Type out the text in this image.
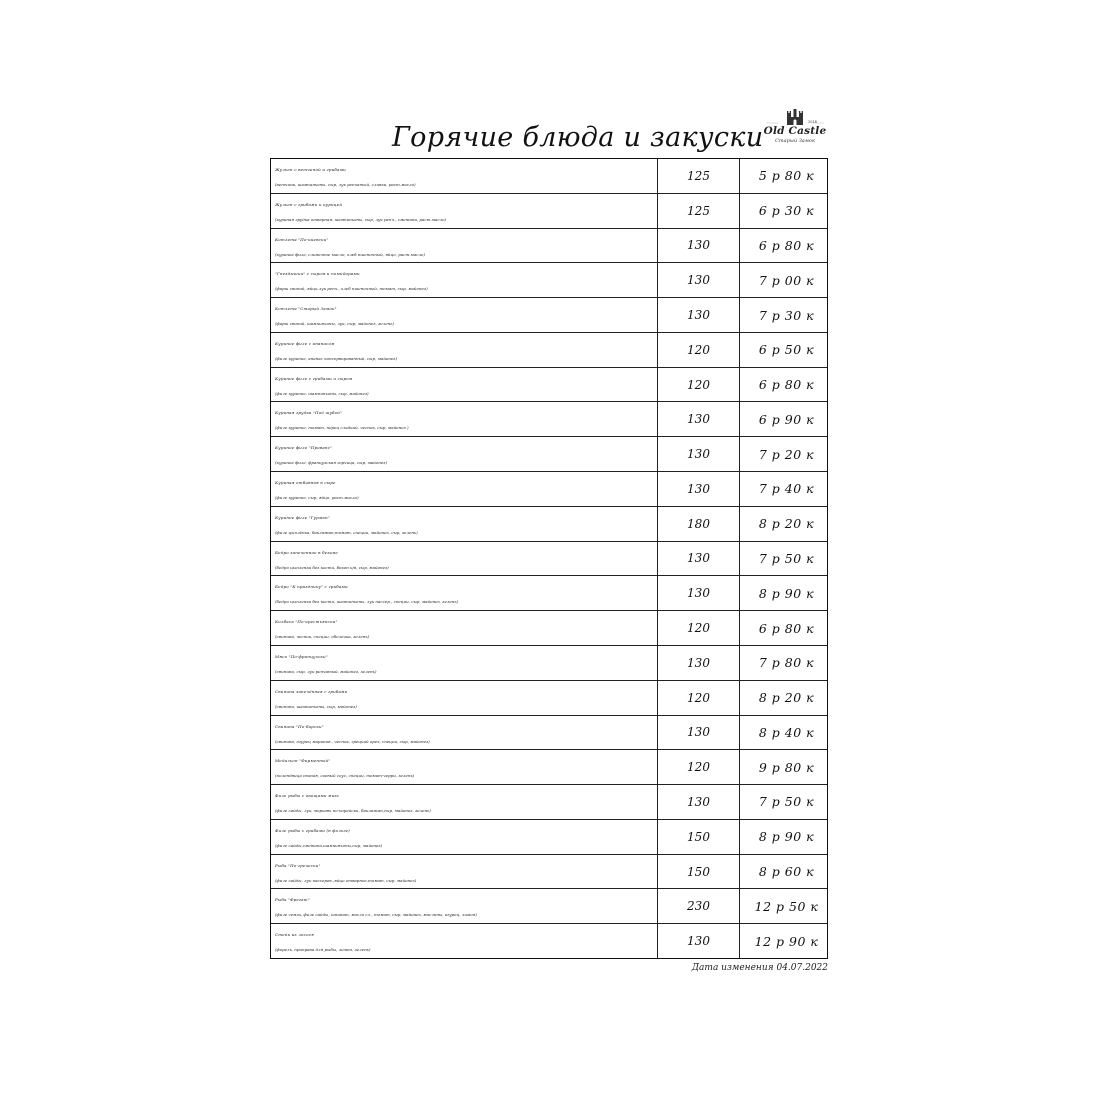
Горячие блюда и закуски	2018
Old Castle
Старый Замок
Жульен с ветчиной и грибами
(ветчина, шампиньоны, сыр, лук репчатый, сливки, раст.масло)
125	5 р 80 к
Жульен с грибами и курицей
(куриная грудка отварная, шампиньоны, сыр, лук репч., сметана, раст.масло)
125	6 р 30 к
Котлета "По-киевски"
(куриное филе, сливочное масло, хлеб пшеничный, яйцо, раст.масло)
130	6 р 80 к
"Гнездышки" с сыром и помидорами
(фарш свиной, яйцо,лук репч., хлеб пшеничный, томат, сыр, майонез)
130	7 р 00 к
Котлета "Старый Замок"
(фарш свиной, шампиньоны, лук, сыр, майонез, зелень)
130	7 р 30 к
Куриное филе с ананасом
(филе куриное, ананас консервированный, сыр, майонез)
120	6 р 50 к
Куриное филе с грибами и сыром
(филе куриное, шампиньоны, сыр, майонез)
120	6 р 80 к
Куриная грудка "Под шубой"
(филе куриное, томат, перец сладкий, чеснок, сыр, майонез )
130	6 р 90 к
Куриное филе "Прованс"
(куриное филе, французская горчица, сыр, майонез)
130	7 р 20 к
Куриная отбивная в сыре
(филе куриное, сыр, яйцо, раст.масло)
130	7 р 40 к
Куриное филе "Гурман"
(филе цыплёнка, баклажан,томат, специи, майонез, сыр, зелень)
180	8 р 20 к
Бедро запеченное в беконе
(бедро цыпленка без кости, бекон к/в, сыр, майонез)
130	7 р 50 к
Бедро "К празднику" с грибами
(бедро цыпленка без кости, шампиньоны, лук пассер., специи, сыр, майонез, зелень)
130	8 р 90 к
Колбаса "По-крестьянски"
(свинина, чеснок, специи, оболочка, зелень)
120	6 р 80 к
Мясо "По-французски"
(свинина, сыр, лук репчатый, майонез, зелень)
130	7 р 80 к
Свинина запечённая с грибами
(свинина, шампиньоны, сыр, майонез)
120	8 р 20 к
Свинина "По-барски"
(свинина, огурец маринов., чеснок, грецкий орех, специи, сыр, майонез)
130	8 р 40 к
Медальон "Фирменный"
(полендвица свиная, соевый соус, специи, томат-черри, зелень)
120	9 р 80 к
Филе рыбы с овощами микс
(филе сайды, лук, морковь по-корейски, баклажан,сыр, майонез, зелень)
130	7 р 50 к
Филе рыбы с грибами (в фольге)
(филе сайды,сметана,шампиньоны,сыр, майонез)
150	8 р 90 к
Рыба "По-гречески"
(филе сайды, лук пассеров.,яйцо отварное,томат, сыр, майонез)
150	8 р 60 к
Рыба "Фрегат"
(филе семги, филе сайды, шпинат, масло сл., томат, сыр, майонез, маслины, огурец, лимон)
230	12 р 50 к
Стейк из лосося
(форель, приправа для рыбы, лимон, зелень)
130	12 р 90 к
Дата изменения 04.07.2022
